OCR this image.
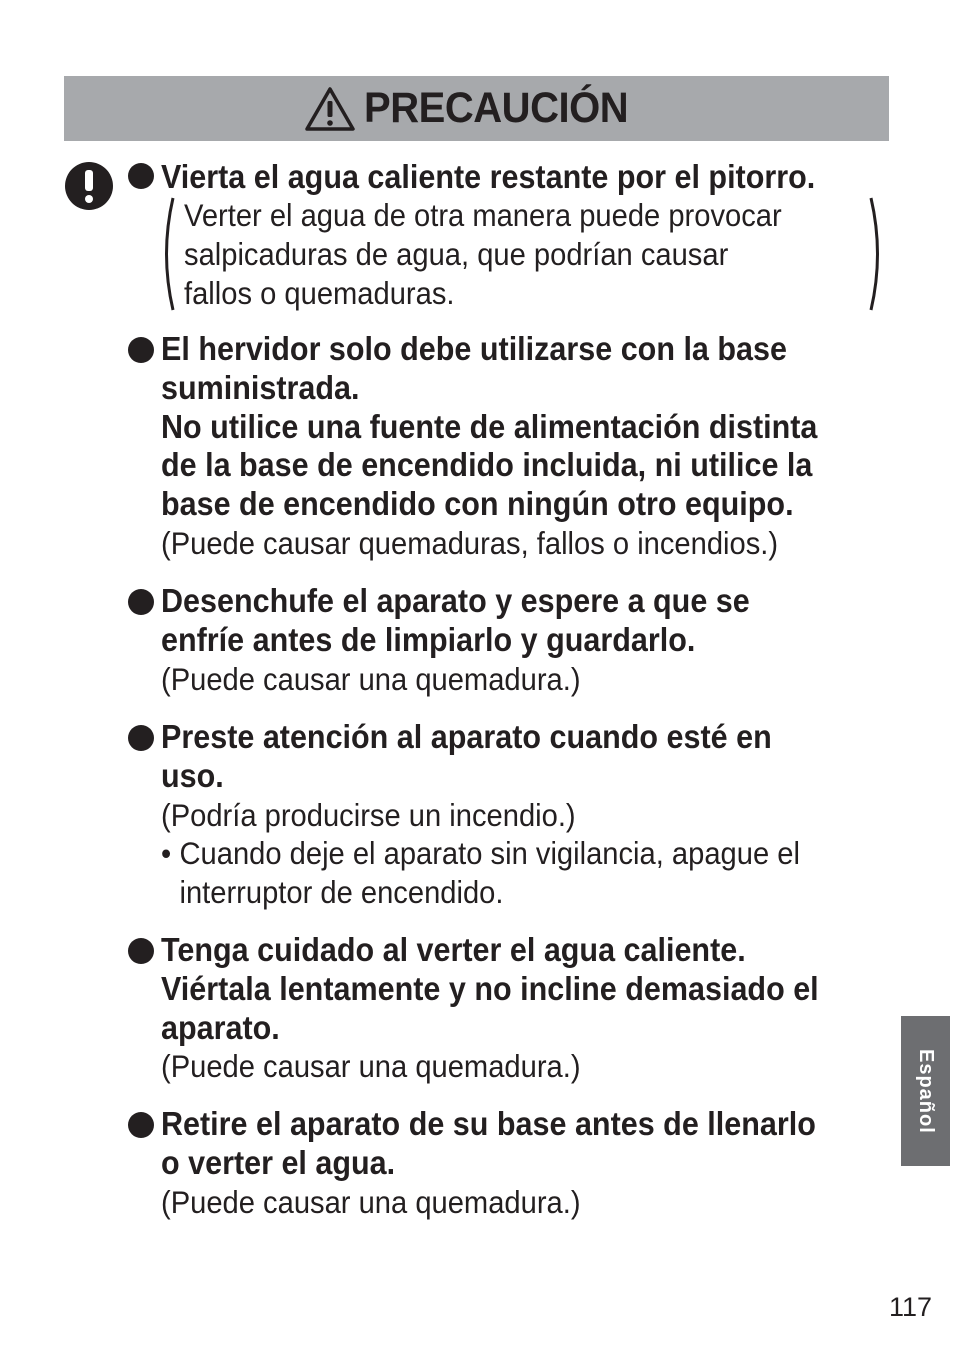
PRECAUCIÓN
Vierta el agua caliente restante por el pitorro.
Verter el agua de otra manera puede provocar
salpicaduras de agua, que podrían causar
fallos o quemaduras.
El hervidor solo debe utilizarse con la base
suministrada.
No utilice una fuente de alimentación distinta
de la base de encendido incluida, ni utilice la
base de encendido con ningún otro equipo.
(Puede causar quemaduras, fallos o incendios.)
Desenchufe el aparato y espere a que se
enfríe antes de limpiarlo y guardarlo.
(Puede causar una quemadura.)
Preste atención al aparato cuando esté en
uso.
(Podría producirse un incendio.)
• Cuando deje el aparato sin vigilancia, apague el
interruptor de encendido.
Tenga cuidado al verter el agua caliente.
Viértala lentamente y no incline demasiado el
aparato.
(Puede causar una quemadura.)
Retire el aparato de su base antes de llenarlo
o verter el agua.
(Puede causar una quemadura.)
Español
117
